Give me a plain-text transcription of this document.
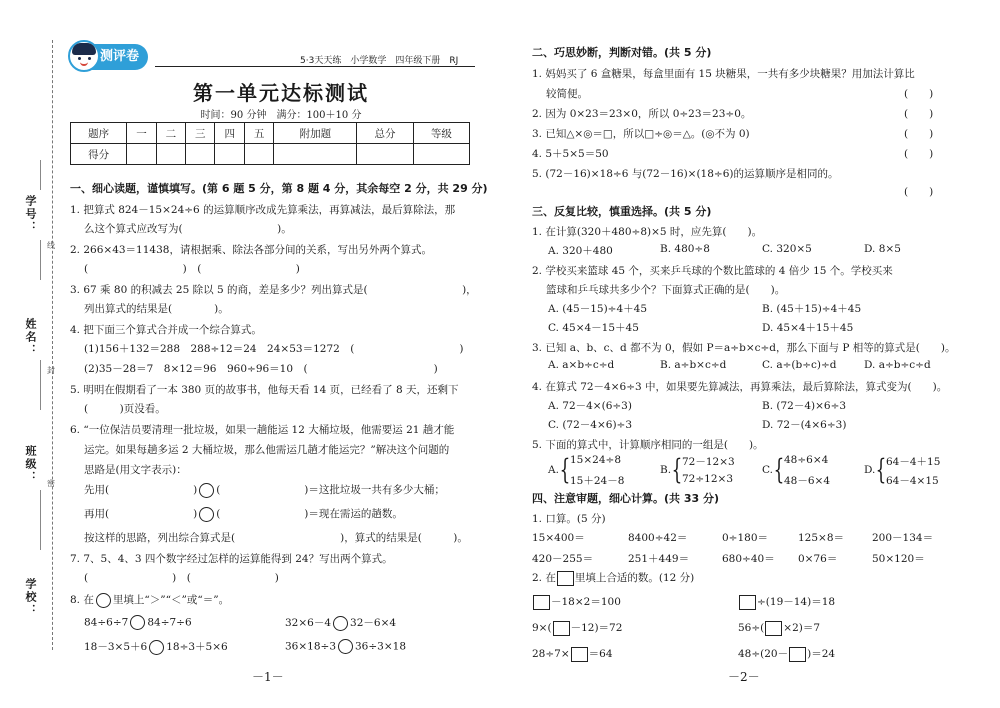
学号：
线
姓名：
封
班级： 密
学校：
测评卷	5·3天天练　小学数学　四年级下册　RJ
第一单元达标测试
时间：90 分钟　满分：100＋10 分
题序	一	二	三	四	五	附加题	总分	等级
得分								
一、细心读题，谨慎填写。(第 6 题 5 分，第 8 题 4 分，其余每空 2 分，共 29 分)
1. 把算式 824－15×24÷6 的运算顺序改成先算乘法，再算减法，最后算除法，那
么这个算式应改写为(　　　　　　　　　)。
2. 266×43＝11438，请根据乘、除法各部分间的关系，写出另外两个算式。
(　　　　　　　　　)　(　　　　　　　　　)
3. 67 乘 80 的积减去 25 除以 5 的商，差是多少？列出算式是(　　　　　　　　　)，
列出算式的结果是(　　　　)。
4. 把下面三个算式合并成一个综合算式。
(1)156＋132＝288　288÷12＝24　24×53＝1272　(　　　　　　　　　　)
(2)35－28＝7　8×12＝96　960÷96＝10　(　　　　　　　　　　　　)
5. 明明在假期看了一本 380 页的故事书，他每天看 14 页，已经看了 8 天，还剩下
(　　　)页没看。
6. “一位保洁员要清理一批垃圾，如果一趟能运 12 大桶垃圾，他需要运 21 趟才能
运完。如果每趟多运 2 大桶垃圾，那么他需运几趟才能运完？”解决这个问题的
思路是(用文字表示)：
先用(　　　　　　　　) (　　　　　　　　)＝这批垃圾一共有多少大桶；
再用(　　　　　　　　) (　　　　　　　　)＝现在需运的趟数。
按这样的思路，列出综合算式是(　　　　　　　　　　)，算式的结果是(　　　)。
7. 7、5、4、3 四个数字经过怎样的运算能得到 24？写出两个算式。
(　　　　　　　　)　(　　　　　　　　)
8. 在 里填上“＞”“＜”或“＝”。
84÷6÷7 84÷7÷6	32×6－4 32－6×4
18－3×5＋6 18÷3＋5×6	36×18÷3 36÷3×18
－1－
二、巧思妙断，判断对错。(共 5 分)
1. 妈妈买了 6 盒糖果，每盒里面有 15 块糖果，一共有多少块糖果？用加法计算比
较简便。	(　　)
2. 因为 0×23＝23×0，所以 0÷23＝23÷0。	(　　)
3. 已知△×◎＝□，所以□÷◎＝△。(◎不为 0)	(　　)
4. 5＋5×5＝50	(　　)
5. (72－16)×18÷6 与(72－16)×(18÷6)的运算顺序是相同的。
(　　)
三、反复比较，慎重选择。(共 5 分)
1. 在计算(320＋480÷8)×5 时，应先算(　　)。
A. 320＋480	B. 480÷8	C. 320×5	D. 8×5
2. 学校买来篮球 45 个，买来乒乓球的个数比篮球的 4 倍少 15 个。学校买来
篮球和乒乓球共多少个？下面算式正确的是(　　)。
A. (45－15)÷4＋45	B. (45＋15)÷4＋45
C. 45×4－15＋45	D. 45×4＋15＋45
3. 已知 a、b、c、d 都不为 0，假如 P＝a÷b×c÷d，那么下面与 P 相等的算式是(　　)。
A. a×b÷c÷d	B. a÷b×c÷d	C. a÷(b÷c)÷d	D. a÷b÷c÷d
4. 在算式 72－4×6÷3 中，如果要先算减法，再算乘法，最后算除法，算式变为(　　)。
A. 72－4×(6÷3)	B. (72－4)×6÷3
C. (72－4×6)÷3	D. 72－(4×6÷3)
5. 下面的算式中，计算顺序相同的一组是(　　)。
A. { 15×24÷8
15＋24－8
B. { 72－12×3
72÷12×3
C. { 48÷6×4
48－6×4
D. { 64－4＋15
64－4×15
四、注意审题，细心计算。(共 33 分)
1. 口算。(5 分)
15×400＝	8400÷42＝	0÷180＝	125×8＝	200－134＝
420－255＝	251＋449＝	680÷40＝ 0×76＝	50×120＝
2. 在 里填上合适的数。(12 分)
－18×2＝100	÷(19－14)＝18
9×( －12)＝72	56÷( ×2)＝7
28÷7× ＝64	48÷(20－ )＝24
－2－
